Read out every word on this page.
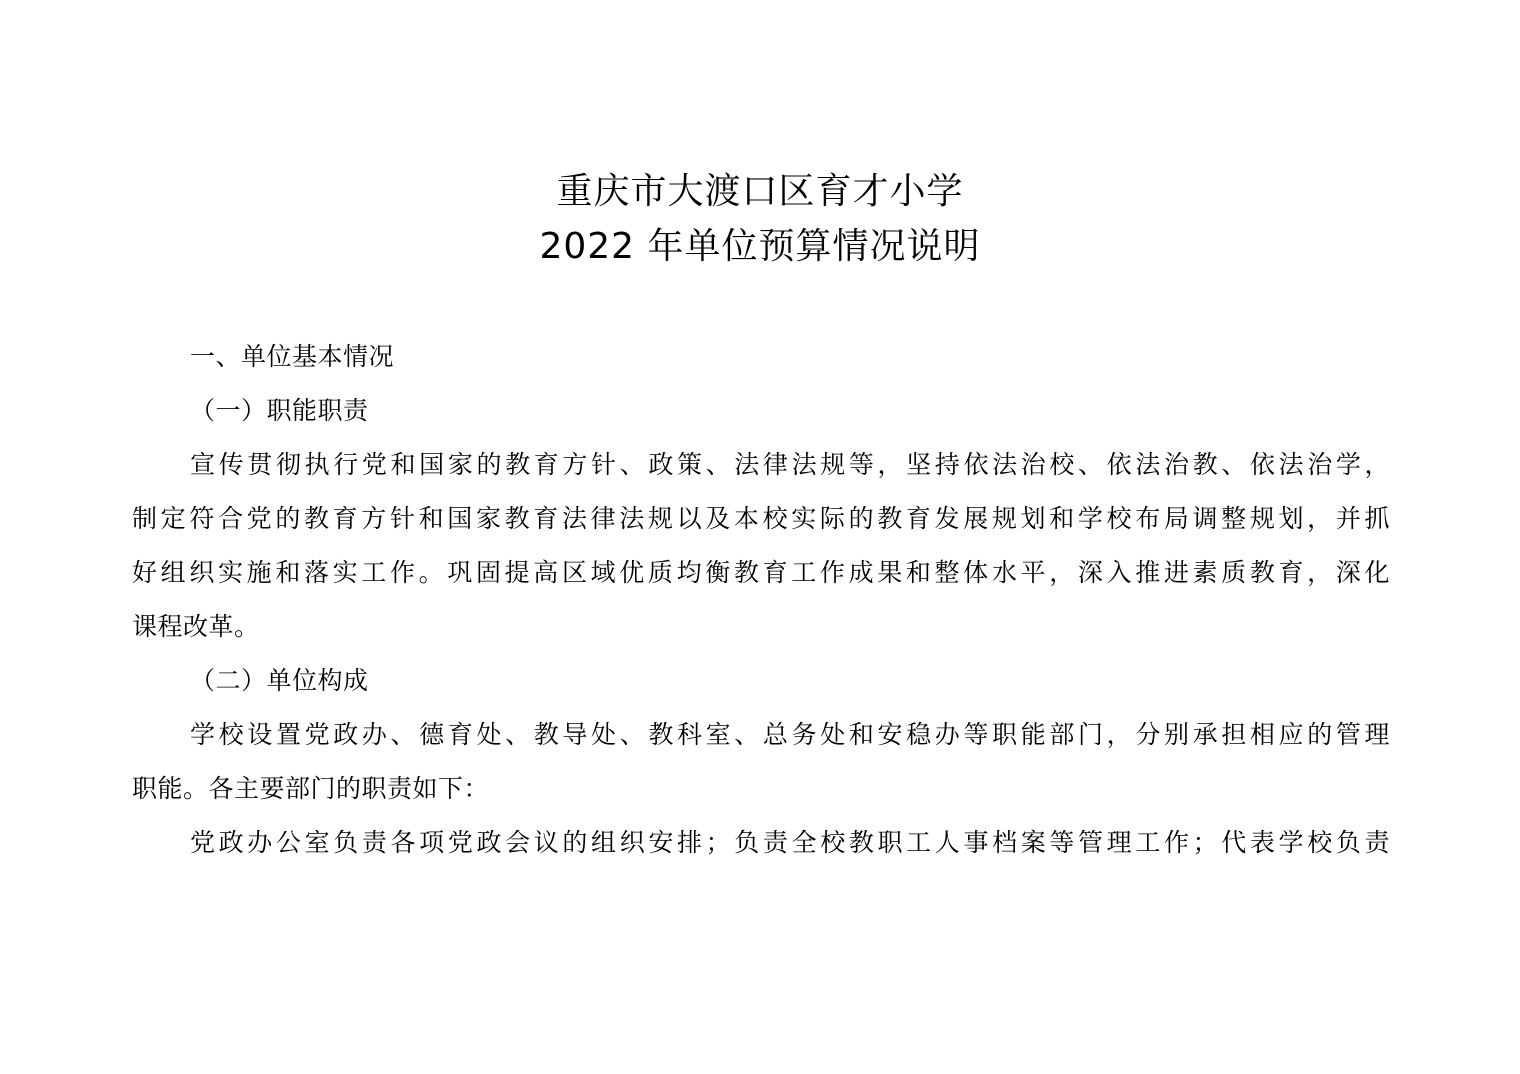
重庆市大渡口区育才小学
2022 年单位预算情况说明
一、单位基本情况
（一）职能职责
宣传贯彻执行党和国家的教育方针、政策、法律法规等，坚持依法治校、依法治教、依法治学，
制定符合党的教育方针和国家教育法律法规以及本校实际的教育发展规划和学校布局调整规划，并抓
好组织实施和落实工作。巩固提高区域优质均衡教育工作成果和整体水平，深入推进素质教育，深化
课程改革。
（二）单位构成
学校设置党政办、德育处、教导处、教科室、总务处和安稳办等职能部门，分别承担相应的管理
职能。各主要部门的职责如下：
党政办公室负责各项党政会议的组织安排；负责全校教职工人事档案等管理工作；代表学校负责
